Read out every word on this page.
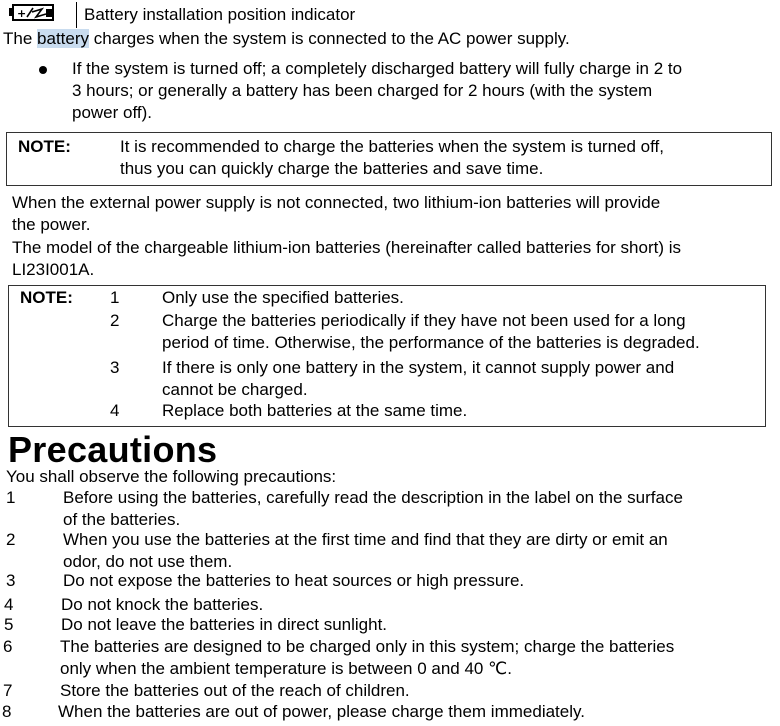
+	Battery installation position indicator
The battery charges when the system is connected to the AC power supply.
If the system is turned off; a completely discharged battery will fully charge in 2 to
3 hours; or generally a battery has been charged for 2 hours (with the system
power off).
NOTE:	It is recommended to charge the batteries when the system is turned off,
thus you can quickly charge the batteries and save time.
When the external power supply is not connected, two lithium-ion batteries will provide
the power.
The model of the chargeable lithium-ion batteries (hereinafter called batteries for short) is
LI23I001A.
NOTE: 1	Only use the specified batteries.
2	Charge the batteries periodically if they have not been used for a long
period of time. Otherwise, the performance of the batteries is degraded.
3	If there is only one battery in the system, it cannot supply power and
cannot be charged.
4	Replace both batteries at the same time.
Precautions
You shall observe the following precautions:
1	Before using the batteries, carefully read the description in the label on the surface
of the batteries.
2	When you use the batteries at the first time and find that they are dirty or emit an
odor, do not use them.
3	Do not expose the batteries to heat sources or high pressure.
4	Do not knock the batteries.
5	Do not leave the batteries in direct sunlight.
6	The batteries are designed to be charged only in this system; charge the batteries
only when the ambient temperature is between 0 and 40 ℃.
7	Store the batteries out of the reach of children.
8	When the batteries are out of power, please charge them immediately.
